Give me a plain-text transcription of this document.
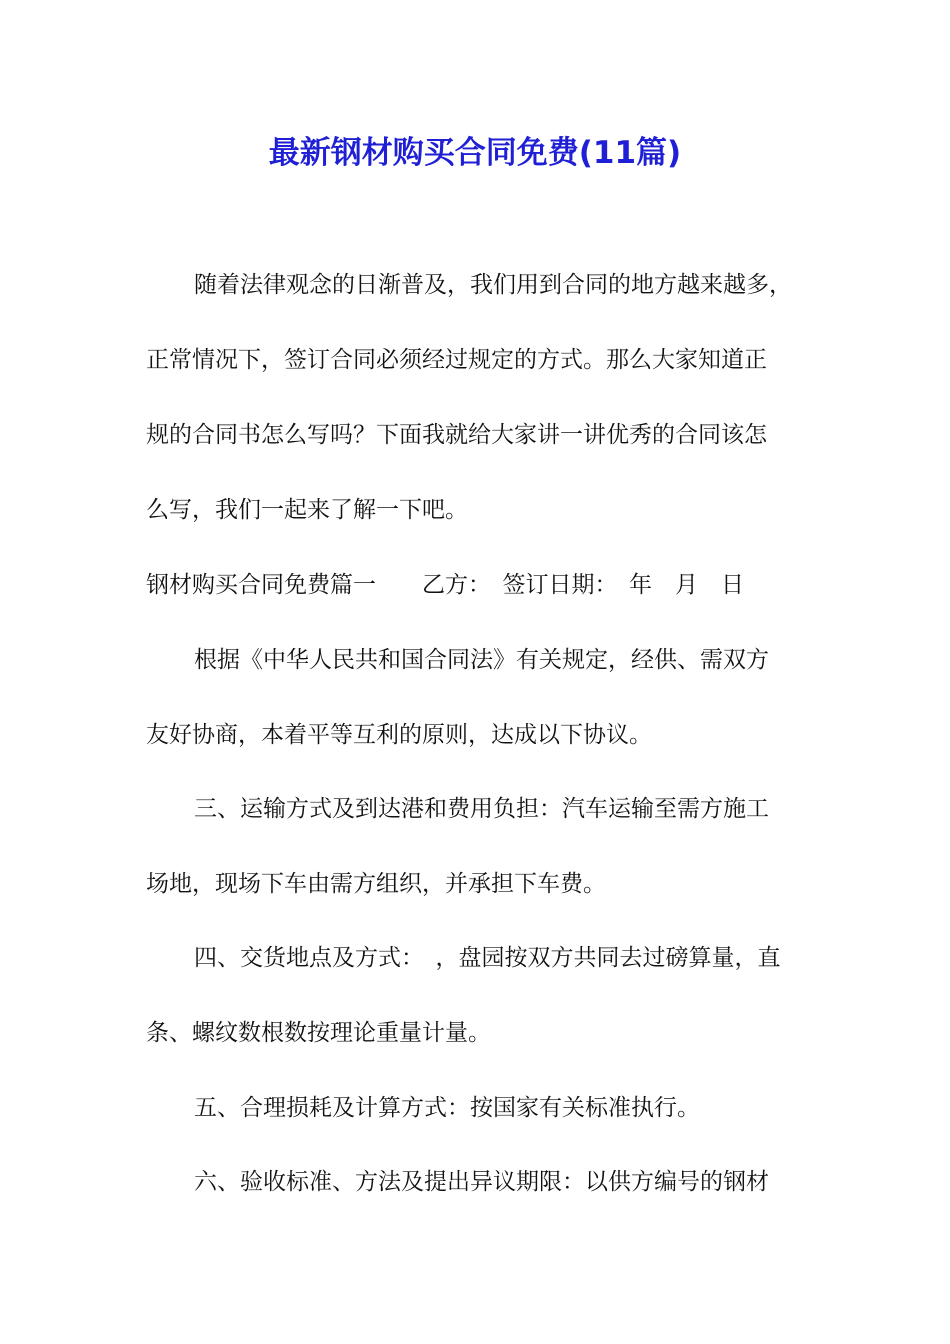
最新钢材购买合同免费(11篇)
随着法律观念的日渐普及，我们用到合同的地方越来越多，
正常情况下，签订合同必须经过规定的方式。那么大家知道正
规的合同书怎么写吗？下面我就给大家讲一讲优秀的合同该怎
么写，我们一起来了解一下吧。
钢材购买合同免费篇一　　乙方：　签订日期：　年　月　日
根据《中华人民共和国合同法》有关规定，经供、需双方
友好协商，本着平等互利的原则，达成以下协议。
三、运输方式及到达港和费用负担：汽车运输至需方施工
场地，现场下车由需方组织，并承担下车费。
四、交货地点及方式：　，盘园按双方共同去过磅算量，直
条、螺纹数根数按理论重量计量。
五、合理损耗及计算方式：按国家有关标准执行。
六、验收标准、方法及提出异议期限：以供方编号的钢材
